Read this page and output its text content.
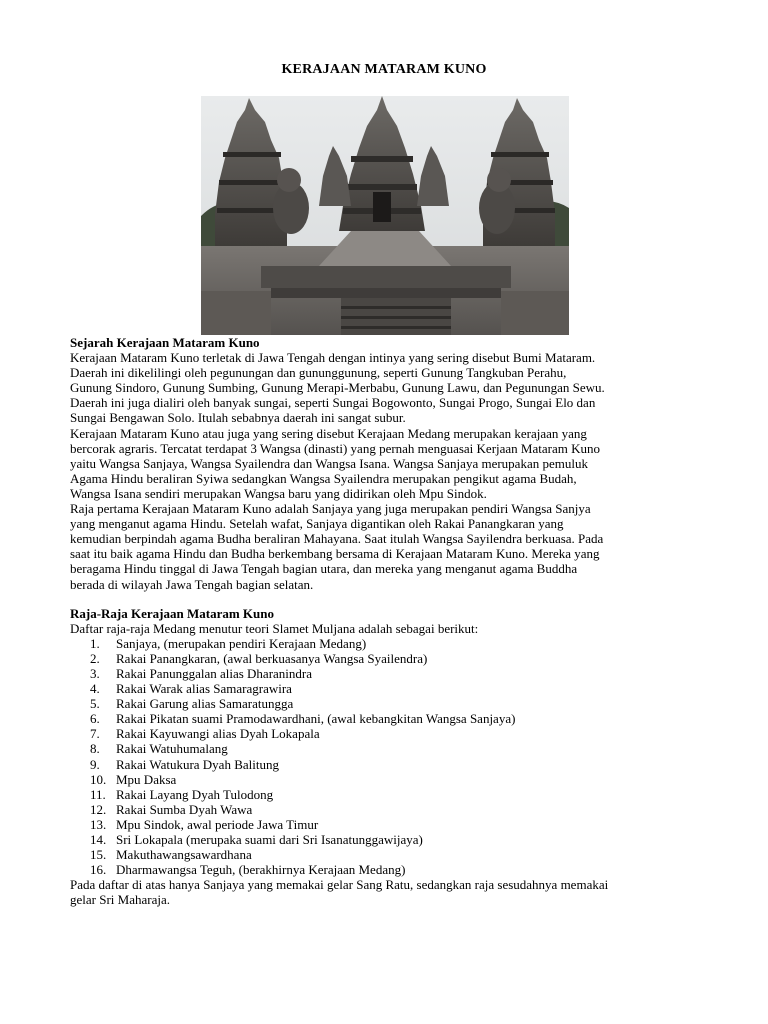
KERAJAAN MATARAM KUNO

Sejarah Kerajaan Mataram Kuno

Kerajaan Mataram Kuno terletak di Jawa Tengah dengan intinya yang sering disebut Bumi Mataram.

Daerah ini dikelilingi oleh pegunungan dan gununggunung, seperti Gunung Tangkuban Perahu,

Gunung Sindoro, Gunung Sumbing, Gunung Merapi-Merbabu, Gunung Lawu, dan Pegunungan Sewu.

Daerah ini juga dialiri oleh banyak sungai, seperti Sungai Bogowonto, Sungai Progo, Sungai Elo dan

Sungai Bengawan Solo. Itulah sebabnya daerah ini sangat subur.

Kerajaan Mataram Kuno atau juga yang sering disebut Kerajaan Medang merupakan kerajaan yang

bercorak agraris. Tercatat terdapat 3 Wangsa (dinasti) yang pernah menguasai Kerjaan Mataram Kuno

yaitu Wangsa Sanjaya, Wangsa Syailendra dan Wangsa Isana. Wangsa Sanjaya merupakan pemuluk

Agama Hindu beraliran Syiwa sedangkan Wangsa Syailendra merupakan pengikut agama Budah,

Wangsa Isana sendiri merupakan Wangsa baru yang didirikan oleh Mpu Sindok.

Raja pertama Kerajaan Mataram Kuno adalah Sanjaya yang juga merupakan pendiri Wangsa Sanjya

yang menganut agama Hindu. Setelah wafat, Sanjaya digantikan oleh Rakai Panangkaran yang

kemudian berpindah agama Budha beraliran Mahayana. Saat itulah Wangsa Sayilendra berkuasa. Pada

saat itu baik agama Hindu dan Budha berkembang bersama di Kerajaan Mataram Kuno. Mereka yang

beragama Hindu tinggal di Jawa Tengah bagian utara, dan mereka yang menganut agama Buddha

berada di wilayah Jawa Tengah bagian selatan.

Raja-Raja Kerajaan Mataram Kuno

Daftar raja-raja Medang menutur teori Slamet Muljana adalah sebagai berikut:

1.	Sanjaya, (merupakan pendiri Kerajaan Medang)
2.	Rakai Panangkaran, (awal berkuasanya Wangsa Syailendra)
3.	Rakai Panunggalan alias Dharanindra
4.	Rakai Warak alias Samaragrawira
5.	Rakai Garung alias Samaratungga
6.	Rakai Pikatan suami Pramodawardhani, (awal kebangkitan Wangsa Sanjaya)
7.	Rakai Kayuwangi alias Dyah Lokapala
8.	Rakai Watuhumalang
9.	Rakai Watukura Dyah Balitung
10. Mpu Daksa
11. Rakai Layang Dyah Tulodong
12. Rakai Sumba Dyah Wawa
13. Mpu Sindok, awal periode Jawa Timur
14. Sri Lokapala (merupaka suami dari Sri Isanatunggawijaya)
15. Makuthawangsawardhana
16. Dharmawangsa Teguh, (berakhirnya Kerajaan Medang)

Pada daftar di atas hanya Sanjaya yang memakai gelar Sang Ratu, sedangkan raja sesudahnya memakai

gelar Sri Maharaja.
